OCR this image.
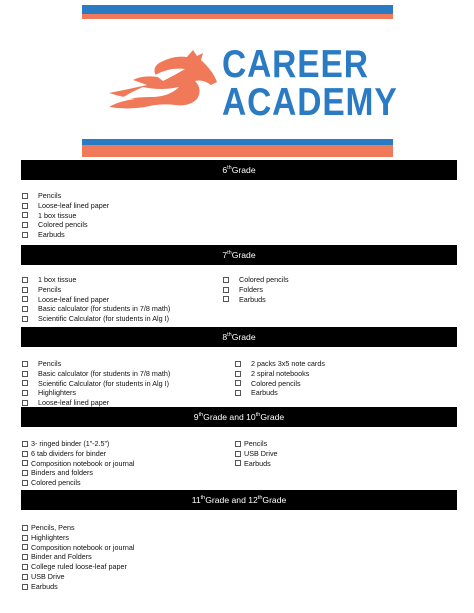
CAREER
ACADEMY
6th Grade
Pencils
Loose-leaf lined paper
1 box tissue
Colored pencils
Earbuds
7th Grade
1 box tissue
Pencils
Loose-leaf lined paper
Basic calculator (for students in 7/8 math)
Scientific Calculator (for students in Alg I)
Colored pencils
Folders
Earbuds
8th Grade
Pencils
Basic calculator (for students in 7/8 math)
Scientific Calculator (for students in Alg I)
Highlighters
Loose-leaf lined paper
2 packs 3x5 note cards
2 spiral notebooks
Colored pencils
Earbuds
9th Grade and 10th Grade
3- ringed binder (1”-2.5”)
6 tab dividers for binder
Composition notebook or journal
Binders and folders
Colored pencils
Pencils
USB Drive
Earbuds
11th Grade and 12th Grade
Pencils, Pens
Highlighters
Composition notebook or journal
Binder and Folders
College ruled loose-leaf paper
USB Drive
Earbuds
